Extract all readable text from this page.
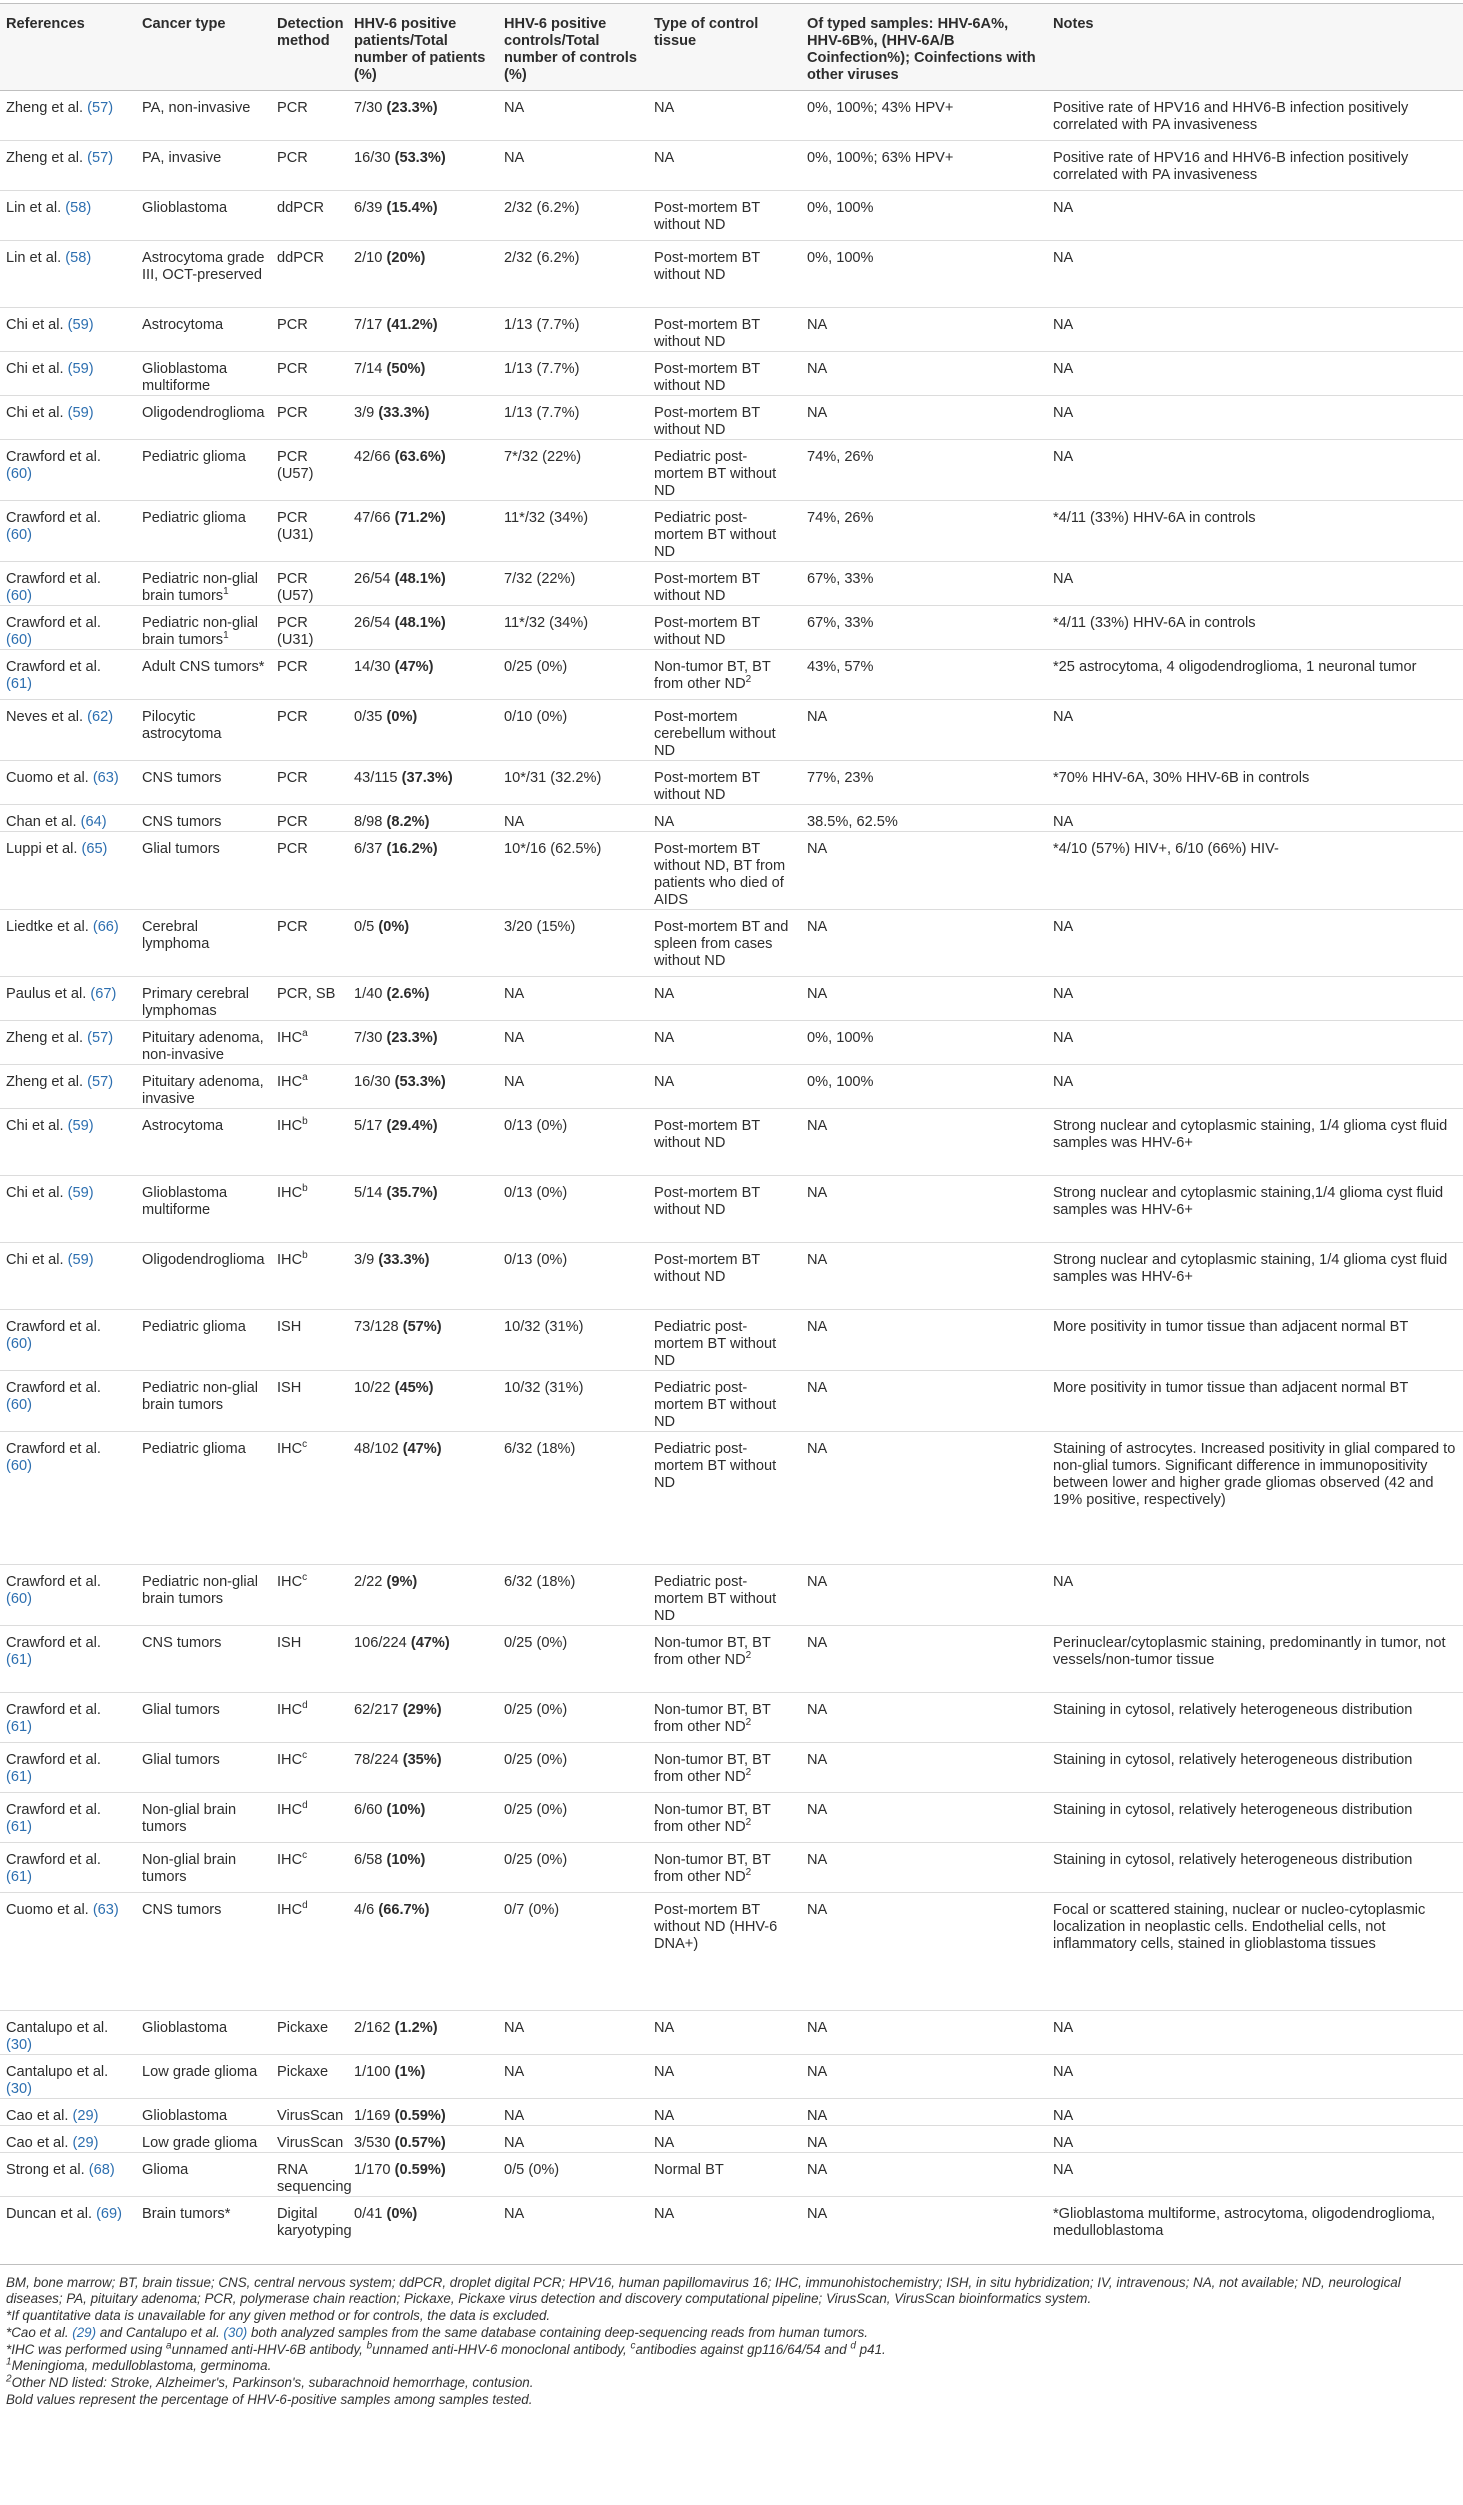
References	Cancer type	Detection method	HHV-6 positive patients/Total number of patients (%)	HHV-6 positive controls/Total number of controls (%)	Type of control tissue	Of typed samples: HHV-6A%, HHV-6B%, (HHV-6A/B Coinfection%); Coinfections with other viruses	Notes
Zheng et al. (57)	PA, non-invasive	PCR	7/30 (23.3%)	NA	NA	0%, 100%; 43% HPV+	Positive rate of HPV16 and HHV6-B infection positively correlated with PA invasiveness
Zheng et al. (57)	PA, invasive	PCR	16/30 (53.3%)	NA	NA	0%, 100%; 63% HPV+	Positive rate of HPV16 and HHV6-B infection positively correlated with PA invasiveness
Lin et al. (58)	Glioblastoma	ddPCR	6/39 (15.4%)	2/32 (6.2%)	Post-mortem BT without ND	0%, 100%	NA
Lin et al. (58)	Astrocytoma grade III, OCT-preserved	ddPCR	2/10 (20%)	2/32 (6.2%)	Post-mortem BT without ND	0%, 100%	NA
Chi et al. (59)	Astrocytoma	PCR	7/17 (41.2%)	1/13 (7.7%)	Post-mortem BT without ND	NA	NA
Chi et al. (59)	Glioblastoma multiforme	PCR	7/14 (50%)	1/13 (7.7%)	Post-mortem BT without ND	NA	NA
Chi et al. (59)	Oligodendroglioma	PCR	3/9 (33.3%)	1/13 (7.7%)	Post-mortem BT without ND	NA	NA
Crawford et al. (60)	Pediatric glioma	PCR (U57)	42/66 (63.6%)	7*/32 (22%)	Pediatric post-mortem BT without ND	74%, 26%	NA
Crawford et al. (60)	Pediatric glioma	PCR (U31)	47/66 (71.2%)	11*/32 (34%)	Pediatric post-mortem BT without ND	74%, 26%	*4/11 (33%) HHV-6A in controls
Crawford et al. (60)	Pediatric non-glial brain tumors$^1$	PCR (U57)	26/54 (48.1%)	7/32 (22%)	Post-mortem BT without ND	67%, 33%	NA
Crawford et al. (60)	Pediatric non-glial brain tumors$^1$	PCR (U31)	26/54 (48.1%)	11*/32 (34%)	Post-mortem BT without ND	67%, 33%	*4/11 (33%) HHV-6A in controls
Crawford et al. (61)	Adult CNS tumors*	PCR	14/30 (47%)	0/25 (0%)	Non-tumor BT, BT from other $ND^2$	43%, 57%	*25 astrocytoma, 4 oligodendroglioma, 1 neuronal tumor
Neves et al. (62)	Pilocytic astrocytoma	PCR	0/35 (0%)	0/10 (0%)	Post-mortem cerebellum without ND	NA	NA
Cuomo et al. (63)	CNS tumors	PCR	43/115 (37.3%)	10*/31 (32.2%)	Post-mortem BT without ND	77%, 23%	*70% HHV-6A, 30% HHV-6B in controls
Chan et al. (64)	CNS tumors	PCR	8/98 (8.2%)	NA	NA	38.5%, 62.5%	NA
Luppi et al. (65)	Glial tumors	PCR	6/37 (16.2%)	10*/16 (62.5%)	Post-mortem BT without ND, BT from patients who died of AIDS	NA	*4/10 (57%) HIV+, 6/10 (66%) HIV-
Liedtke et al. (66)	Cerebral lymphoma	PCR	0/5 (0%)	3/20 (15%)	Post-mortem BT and spleen from cases without ND	NA	NA
Paulus et al. (67)	Primary cerebral lymphomas	PCR, SB	1/40 (2.6%)	NA	NA	NA	NA
Zheng et al. (57)	Pituitary adenoma, non-invasive	IHC$^a$	7/30 (23.3%)	NA	NA	0%, 100%	NA
Zheng et al. (57)	Pituitary adenoma, invasive	IHC$^a$	16/30 (53.3%)	NA	NA	0%, 100%	NA
Chi et al. (59)	Astrocytoma	IHC$^b$	5/17 (29.4%)	0/13 (0%)	Post-mortem BT without ND	NA	Strong nuclear and cytoplasmic staining, 1/4 glioma cyst fluid samples was HHV-6+
Chi et al. (59)	Glioblastoma multiforme	IHC$^b$	5/14 (35.7%)	0/13 (0%)	Post-mortem BT without ND	NA	Strong nuclear and cytoplasmic staining,1/4 glioma cyst fluid samples was HHV-6+
Chi et al. (59)	Oligodendroglioma	IHC$^b$	3/9 (33.3%)	0/13 (0%)	Post-mortem BT without ND	NA	Strong nuclear and cytoplasmic staining, 1/4 glioma cyst fluid samples was HHV-6+
Crawford et al. (60)	Pediatric glioma	ISH	73/128 (57%)	10/32 (31%)	Pediatric post-mortem BT without ND	NA	More positivity in tumor tissue than adjacent normal BT
Crawford et al. (60)	Pediatric non-glial brain tumors	ISH	10/22 (45%)	10/32 (31%)	Pediatric post-mortem BT without ND	NA	More positivity in tumor tissue than adjacent normal BT
Crawford et al. (60)	Pediatric glioma	IHC$^c$	48/102 (47%)	6/32 (18%)	Pediatric post-mortem BT without ND	NA	Staining of astrocytes. Increased positivity in glial compared to non-glial tumors. Significant difference in immunopositivity between lower and higher grade gliomas observed (42 and 19% positive, respectively)
Crawford et al. (60)	Pediatric non-glial brain tumors	IHC$^c$	2/22 (9%)	6/32 (18%)	Pediatric post-mortem BT without ND	NA	NA
Crawford et al. (61)	CNS tumors	ISH	106/224 (47%)	0/25 (0%)	Non-tumor BT, BT from other $ND^2$	NA	Perinuclear/cytoplasmic staining, predominantly in tumor, not vessels/non-tumor tissue
Crawford et al. (61)	Glial tumors	IHC$^d$	62/217 (29%)	0/25 (0%)	Non-tumor BT, BT from other $ND^2$	NA	Staining in cytosol, relatively heterogeneous distribution
Crawford et al. (61)	Glial tumors	IHC$^c$	78/224 (35%)	0/25 (0%)	Non-tumor BT, BT from other $ND^2$	NA	Staining in cytosol, relatively heterogeneous distribution
Crawford et al. (61)	Non-glial brain tumors	IHC$^d$	6/60 (10%)	0/25 (0%)	Non-tumor BT, BT from other $ND^2$	NA	Staining in cytosol, relatively heterogeneous distribution
Crawford et al. (61)	Non-glial brain tumors	IHC$^c$	6/58 (10%)	0/25 (0%)	Non-tumor BT, BT from other $ND^2$	NA	Staining in cytosol, relatively heterogeneous distribution
Cuomo et al. (63)	CNS tumors	IHC$^d$	4/6 (66.7%)	0/7 (0%)	Post-mortem BT without ND (HHV-6 DNA+)	NA	Focal or scattered staining, nuclear or nucleo-cytoplasmic localization in neoplastic cells. Endothelial cells, not inflammatory cells, stained in glioblastoma tissues
Cantalupo et al. (30)	Glioblastoma	Pickaxe	2/162 (1.2%)	NA	NA	NA	NA
Cantalupo et al. (30)	Low grade glioma	Pickaxe	1/100 (1%)	NA	NA	NA	NA
Cao et al. (29)	Glioblastoma	VirusScan	1/169 (0.59%)	NA	NA	NA	NA
Cao et al. (29)	Low grade glioma	VirusScan	3/530 (0.57%)	NA	NA	NA	NA
Strong et al. (68)	Glioma	RNA sequencing	1/170 (0.59%)	0/5 (0%)	Normal BT	NA	NA
Duncan et al. (69)	Brain tumors*	Digital karyotyping	0/41 (0%)	NA	NA	NA	*Glioblastoma multiforme, astrocytoma, oligodendroglioma, medulloblastoma
BM, bone marrow; BT, brain tissue; CNS, central nervous system; ddPCR, droplet digital PCR; HPV16, human papillomavirus 16; IHC, immunohistochemistry; ISH, in situ hybridization; IV, intravenous; NA, not available; ND, neurological diseases; PA, pituitary adenoma; PCR, polymerase chain reaction; Pickaxe, Pickaxe virus detection and discovery computational pipeline; VirusScan, VirusScan bioinformatics system.
*If quantitative data is unavailable for any given method or for controls, the data is excluded.
*Cao et al. (29) and Cantalupo et al. (30) both analyzed samples from the same database containing deep-sequencing reads from human tumors.
*IHC was performed using $^a$unnamed anti-HHV-6B antibody, $^b$unnamed anti-HHV-6 monoclonal antibody, $^c$antibodies against gp116/64/54 and $^d$ p41.
$^1$Meningioma, medulloblastoma, germinoma.
$^2$Other ND listed: Stroke, Alzheimer's, Parkinson's, subarachnoid hemorrhage, contusion.
Bold values represent the percentage of HHV-6-positive samples among samples tested.
